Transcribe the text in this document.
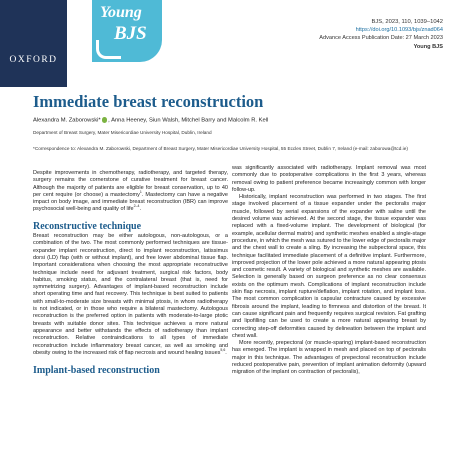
OXFORD
Young
BJS
BJS, 2023, 110, 1039–1042
https://doi.org/10.1093/bjs/znad064
Advance Access Publication Date: 27 March 2023
Young BJS
Immediate breast reconstruction
Alexandra M. Zaborowski* , Anna Heeney, Siun Walsh, Mitchel Barry and Malcolm R. Kell
Department of Breast Surgery, Mater Misericordiae University Hospital, Dublin, Ireland
*Correspondence to: Alexandra M. Zaborowski, Department of Breast Surgery, Mater Misericordiae University Hospital, 55 Eccles Street, Dublin 7, Ireland (e-mail: zaborowa@tcd.ie)

Despite improvements in chemotherapy, radiotherapy, and targeted therapy, surgery remains the cornerstone of curative treatment for breast cancer. Although the majority of patients are eligible for breast conservation, up to 40 per cent require (or choose) a mastectomy$^1$. Mastectomy can have a negative impact on body image, and immediate breast reconstruction (IBR) can improve psychosocial well-being and quality of life$^{2-4}$.

Reconstructive technique

Breast reconstruction may be either autologous, non-autologous, or a combination of the two. The most commonly performed techniques are tissue-expander implant reconstruction, direct to implant reconstruction, latissimus dorsi (LD) flap (with or without implant), and free lower abdominal tissue flap. Important considerations when choosing the most appropriate reconstructive technique include need for adjuvant treatment, surgical risk factors, body habitus, smoking status, and the contralateral breast (that is, need for symmetrizing surgery). Advantages of implant-based reconstruction include short operating time and fast recovery. This technique is best suited to patients with small-to-moderate size breasts with minimal ptosis, in whom radiotherapy is not indicated, or in those who require a bilateral mastectomy. Autologous reconstruction is the preferred option in patients with moderate-to-large ptotic breasts with suitable donor sites. This technique achieves a more natural appearance and better withstands the effects of radiotherapy than implant reconstruction. Relative contraindications to all types of immediate reconstruction include inflammatory breast cancer, as well as smoking and obesity owing to the increased risk of flap necrosis and wound healing issues$^{5,6}$.

Implant-based reconstruction

was significantly associated with radiotherapy. Implant removal was most commonly due to postoperative complications in the first 3 years, whereas removal owing to patient preference became increasingly common with longer follow-up.

Historically, implant reconstruction was performed in two stages. The first stage involved placement of a tissue expander under the pectoralis major muscle, followed by serial expansions of the expander with saline until the desired volume was achieved. At the second stage, the tissue expander was replaced with a fixed-volume implant. The development of biological (for example, acellular dermal matrix) and synthetic meshes enabled a single-stage procedure, in which the mesh was sutured to the lower edge of pectoralis major and the chest wall to create a sling. By increasing the subpectoral space, this technique facilitated immediate placement of a definitive implant. Furthermore, improved projection of the lower pole achieved a more natural appearing ptosis and cosmetic result. A variety of biological and synthetic meshes are available. Selection is generally based on surgeon preference as no clear consensus exists on the optimum mesh. Complications of implant reconstruction include skin flap necrosis, implant rupture/deflation, implant rotation, and implant loss. The most common complication is capsular contracture caused by excessive fibrosis around the implant, leading to firmness and distortion of the breast. It can cause significant pain and frequently requires surgical revision. Fat grafting and lipofilling can be used to create a more natural appearing breast by correcting step-off deformities caused by delineation between the implant and chest wall.

More recently, prepectoral (or muscle-sparing) implant-based reconstruction has emerged. The implant is wrapped in mesh and placed on top of pectoralis major in this technique. The advantages of prepectoral reconstruction include reduced postoperative pain, prevention of implant animation deformity (upward migration of the implant on contraction of pectoralis),
